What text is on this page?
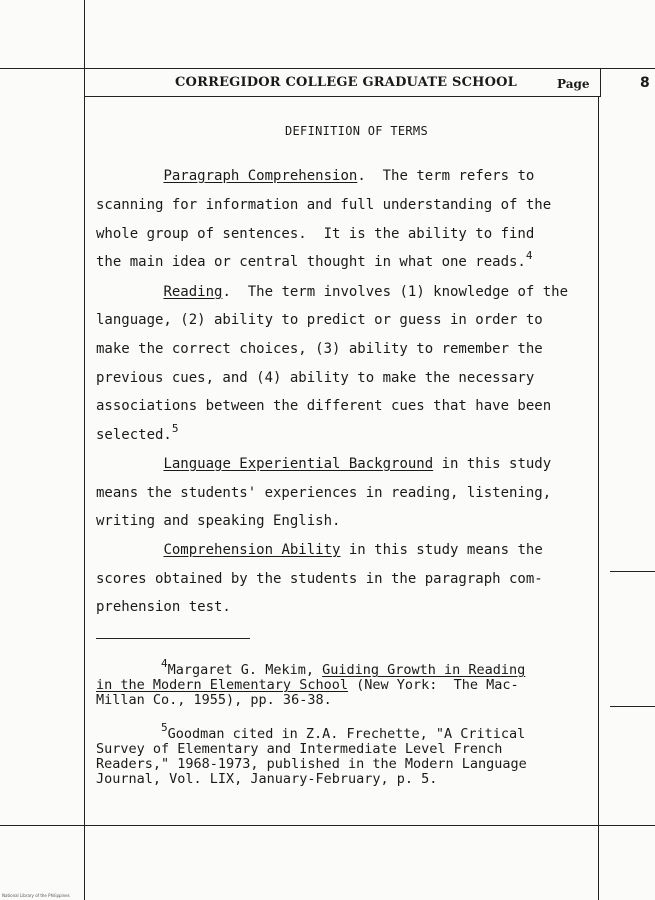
CORREGIDOR COLLEGE GRADUATE SCHOOL	Page	8
DEFINITION OF TERMS
Paragraph Comprehension.  The term refers to
scanning for information and full understanding of the
whole group of sentences.  It is the ability to find
the main idea or central thought in what one reads.$^4$
Reading.  The term involves (1) knowledge of the
language, (2) ability to predict or guess in order to
make the correct choices, (3) ability to remember the
previous cues, and (4) ability to make the necessary
associations between the different cues that have been
selected.$^5$
Language Experiential Background in this study
means the students' experiences in reading, listening,
writing and speaking English.
Comprehension Ability in this study means the
scores obtained by the students in the paragraph com-
prehension test.
$^4$Margaret G. Mekim, Guiding Growth in Reading
in the Modern Elementary School (New York:  The Mac-
Millan Co., 1955), pp. 36-38.
$^5$Goodman cited in Z.A. Frechette, "A Critical
Survey of Elementary and Intermediate Level French
Readers," 1968-1973, published in the Modern Language
Journal, Vol. LIX, January-February, p. 5.
National Library of the Philippines
